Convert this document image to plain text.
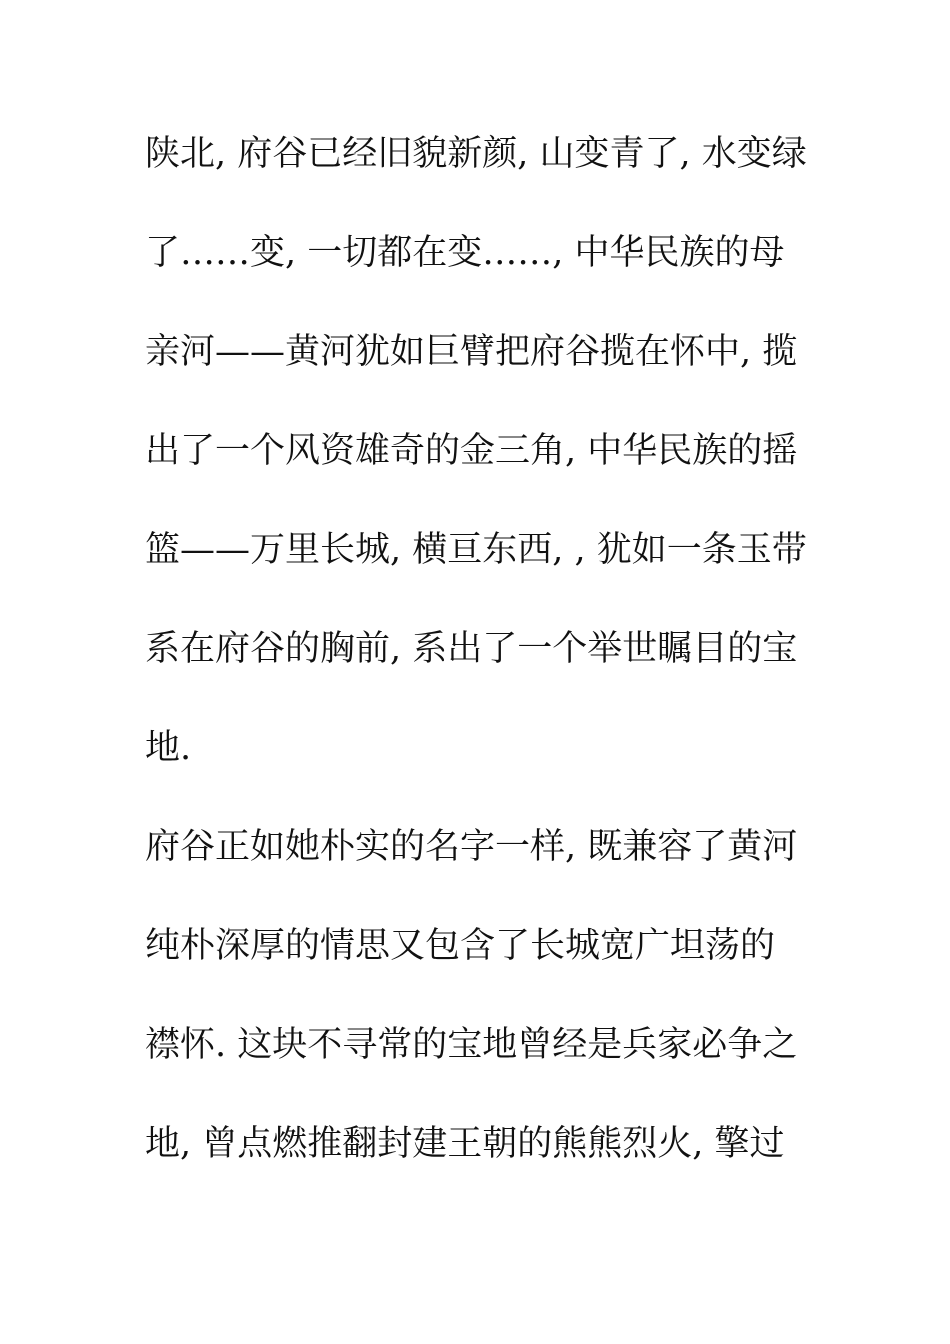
陕北, 府谷已经旧貌新颜, 山变青了, 水变绿
了……变, 一切都在变……, 中华民族的母
亲河——黄河犹如巨臂把府谷揽在怀中, 揽
出了一个风资雄奇的金三角, 中华民族的摇
篮——万里长城, 横亘东西, , 犹如一条玉带
系在府谷的胸前, 系出了一个举世瞩目的宝
地.
府谷正如她朴实的名字一样, 既兼容了黄河
纯朴深厚的情思又包含了长城宽广坦荡的
襟怀. 这块不寻常的宝地曾经是兵家必争之
地, 曾点燃推翻封建王朝的熊熊烈火, 擎过
